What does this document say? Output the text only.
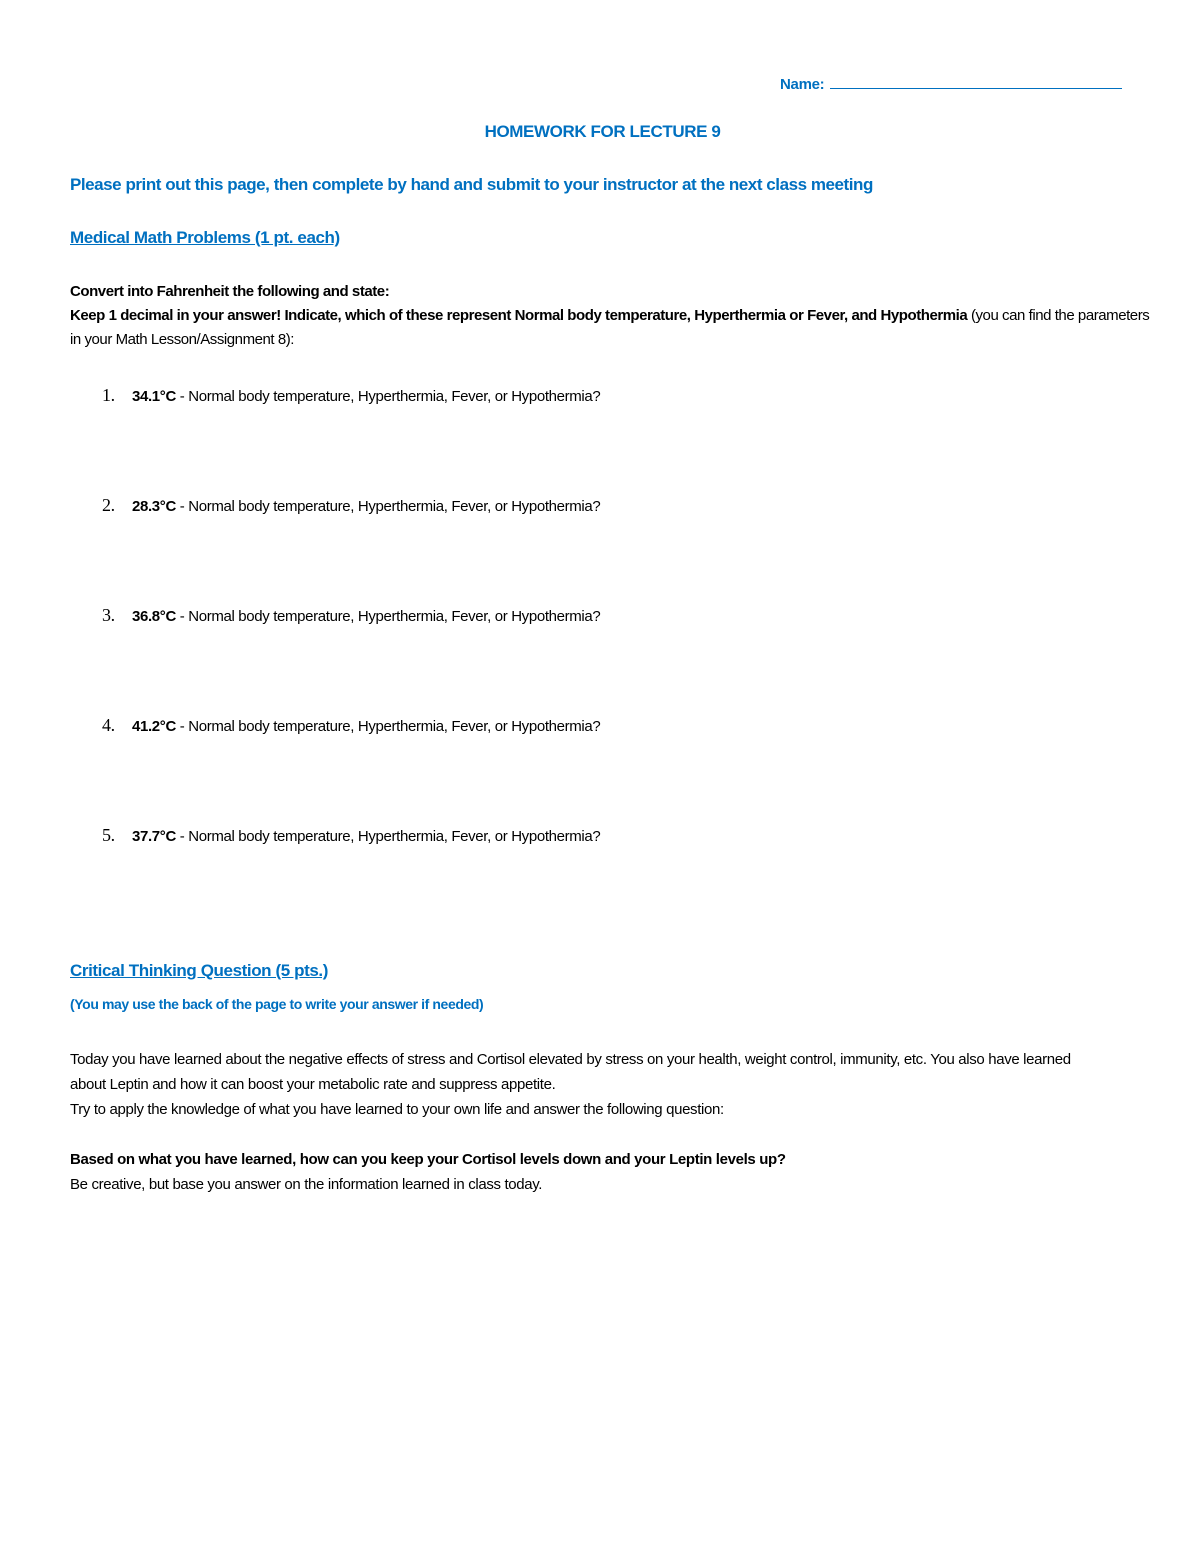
Name:
HOMEWORK FOR LECTURE 9
Please print out this page, then complete by hand and submit to your instructor at the next class meeting
Medical Math Problems (1 pt. each)
Convert into Fahrenheit the following and state:
Keep 1 decimal in your answer! Indicate, which of these represent Normal body temperature, Hyperthermia or Fever, and Hypothermia (you can find the parameters in your Math Lesson/Assignment 8):
1. 34.1°C - Normal body temperature, Hyperthermia, Fever, or Hypothermia?
2. 28.3°C - Normal body temperature, Hyperthermia, Fever, or Hypothermia?
3. 36.8°C - Normal body temperature, Hyperthermia, Fever, or Hypothermia?
4. 41.2°C - Normal body temperature, Hyperthermia, Fever, or Hypothermia?
5. 37.7°C - Normal body temperature, Hyperthermia, Fever, or Hypothermia?
Critical Thinking Question (5 pts.)
(You may use the back of the page to write your answer if needed)

Today you have learned about the negative effects of stress and Cortisol elevated by stress on your health, weight control, immunity, etc. You also have learned about Leptin and how it can boost your metabolic rate and suppress appetite.

Try to apply the knowledge of what you have learned to your own life and answer the following question:

Based on what you have learned, how can you keep your Cortisol levels down and your Leptin levels up?

Be creative, but base you answer on the information learned in class today.
